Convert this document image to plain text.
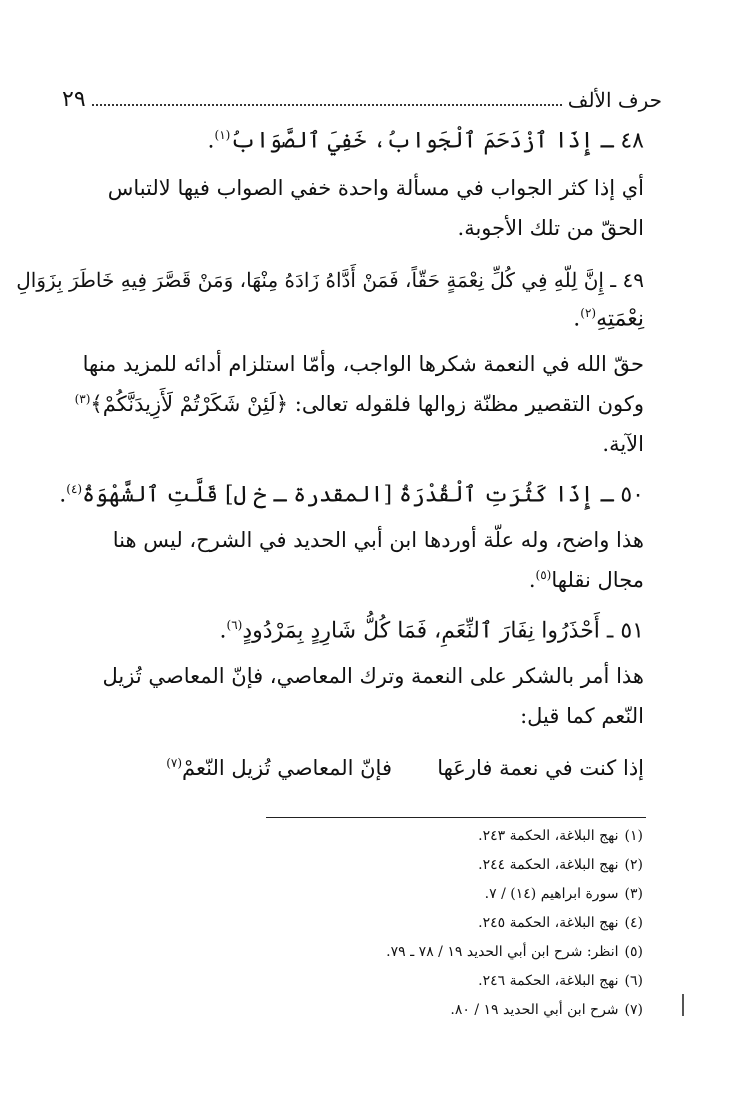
حرف الألف
٢٩
٤٨ ـ إِذَا ٱزْدَحَمَ ٱلْجَوابُ، خَفِيَ ٱلصَّوَابُ$^{(١)}$.
أي إذا كثر الجواب في مسألة واحدة خفي الصواب فيها لالتباس
الحقّ من تلك الأجوبة.
٤٩ ـ إِنَّ لِلّهِ فِي كُلِّ نِعْمَةٍ حَقّاً، فَمَنْ أَدَّاهُ زَادَهُ مِنْهَا، وَمَنْ قَصَّرَ فِيهِ خَاطَرَ بِزَوَالِ
نِعْمَتِهِ$^{(٢)}$.
حقّ الله في النعمة شكرها الواجب، وأمّا استلزام أدائه للمزيد منها
وكون التقصير مظنّة زوالها فلقوله تعالى: ﴿لَئِنْ شَكَرْتُمْ لَأَزِيدَنَّكُمْ﴾$^{(٣)}$
الآية.
٥٠ ـ إِذَا كَثُرَتِ ٱلْقُدْرَةُ [المقدرة ـ خ ل] قَلَّتِ ٱلشَّهْوَةُ$^{(٤)}$.
هذا واضح، وله علّة أوردها ابن أبي الحديد في الشرح، ليس هنا
مجال نقلها$^{(٥)}$.
٥١ ـ أَحْذَرُوا نِفَارَ ٱلنِّعَمِ، فَمَا كُلُّ شَارِدٍ بِمَرْدُودٍ$^{(٦)}$.
هذا أمر بالشكر على النعمة وترك المعاصي، فإنّ المعاصي تُزيل
النّعم كما قيل:
إذا كنت في نعمة فارعَها
فإنّ المعاصي تُزيل النّعمْ$^{(٧)}$
(١)نهج البلاغة، الحكمة ٢٤٣.
(٢)نهج البلاغة، الحكمة ٢٤٤.
(٣)سورة ابراهيم (١٤) / ٧.
(٤)نهج البلاغة، الحكمة ٢٤٥.
(٥)انظر: شرح ابن أبي الحديد ١٩ / ٧٨ ـ ٧٩.
(٦)نهج البلاغة، الحكمة ٢٤٦.
(٧)شرح ابن أبي الحديد ١٩ / ٨٠.
